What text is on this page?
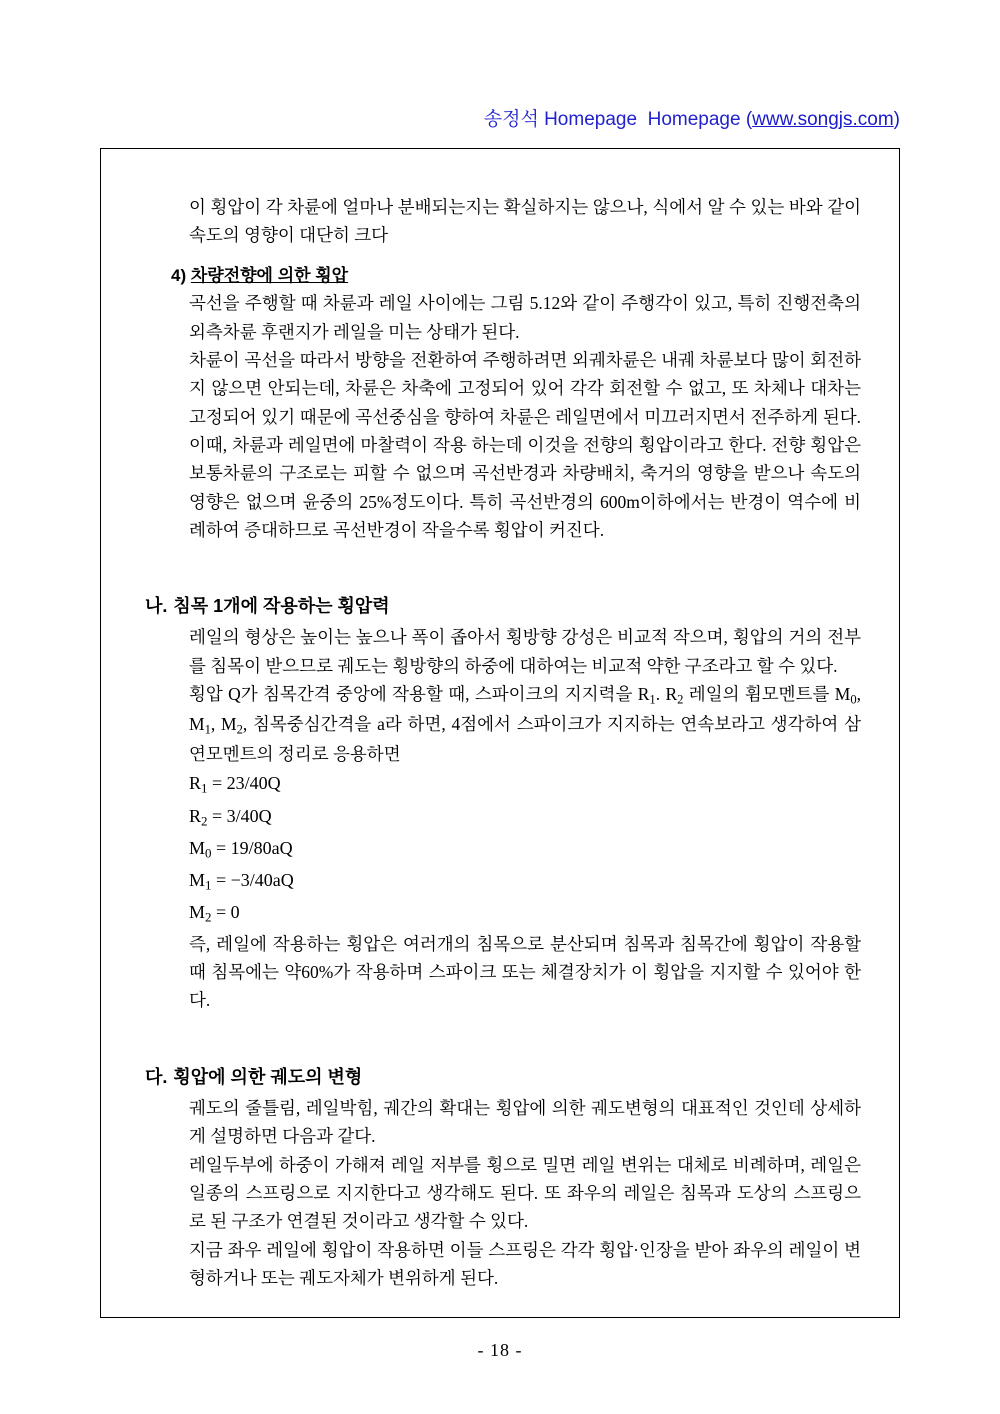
송정석 Homepage  Homepage (www.songjs.com)

이 횡압이 각 차륜에 얼마나 분배되는지는 확실하지는 않으나, 식에서 알 수 있는 바와 같이 속도의 영향이 대단히 크다

4) 차량전향에 의한 횡압

곡선을 주행할 때 차륜과 레일 사이에는 그림 5.12와 같이 주행각이 있고, 특히 진행전축의 외측차륜 후랜지가 레일을 미는 상태가 된다.

차륜이 곡선을 따라서 방향을 전환하여 주행하려면 외궤차륜은 내궤 차륜보다 많이 회전하지 않으면 안되는데, 차륜은 차축에 고정되어 있어 각각 회전할 수 없고, 또 차체나 대차는 고정되어 있기 때문에 곡선중심을 향하여 차륜은 레일면에서 미끄러지면서 전주하게 된다. 이때, 차륜과 레일면에 마찰력이 작용 하는데 이것을 전향의 횡압이라고 한다. 전향 횡압은 보통차륜의 구조로는 피할 수 없으며 곡선반경과 차량배치, 축거의 영향을 받으나 속도의 영향은 없으며 윤중의 25%정도이다. 특히 곡선반경의 600m이하에서는 반경이 역수에 비례하여 증대하므로 곡선반경이 작을수록 횡압이 커진다.

나. 침목 1개에 작용하는 횡압력

레일의 형상은 높이는 높으나 폭이 좁아서 횡방향 강성은 비교적 작으며, 횡압의 거의 전부를 침목이 받으므로 궤도는 횡방향의 하중에 대하여는 비교적 약한 구조라고 할 수 있다.

횡압 Q가 침목간격 중앙에 작용할 때, 스파이크의 지지력을 $R_1$. $R_2$ 레일의 휨모멘트를 $M_0$, $M_1$, $M_2$, 침목중심간격을 a라 하면, 4점에서 스파이크가 지지하는 연속보라고 생각하여 삼연모멘트의 정리로 응용하면

$R_1 = 23/40Q$
$R_2 = 3/40Q$
$M_0 = 19/80aQ$
$M_1 = -3/40aQ$
$M_2 = 0$

즉, 레일에 작용하는 횡압은 여러개의 침목으로 분산되며 침목과 침목간에 횡압이 작용할 때 침목에는 약60%가 작용하며 스파이크 또는 체결장치가 이 횡압을 지지할 수 있어야 한다.

다. 횡압에 의한 궤도의 변형

궤도의 줄틀림, 레일박힘, 궤간의 확대는 횡압에 의한 궤도변형의 대표적인 것인데 상세하게 설명하면 다음과 같다.

레일두부에 하중이 가해져 레일 저부를 횡으로 밀면 레일 변위는 대체로 비례하며, 레일은 일종의 스프링으로 지지한다고 생각해도 된다. 또 좌우의 레일은 침목과 도상의 스프링으로 된 구조가 연결된 것이라고 생각할 수 있다.

지금 좌우 레일에 횡압이 작용하면 이들 스프링은 각각 횡압·인장을 받아 좌우의 레일이 변형하거나 또는 궤도자체가 변위하게 된다.

- 18 -
